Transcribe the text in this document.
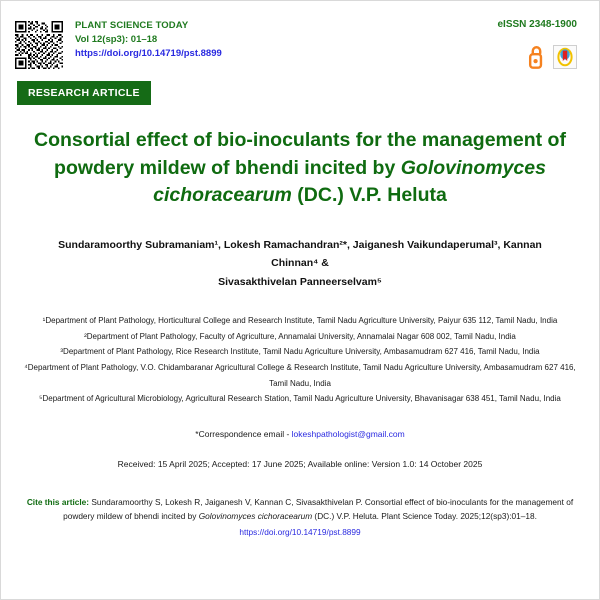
PLANT SCIENCE TODAY
Vol 12(sp3): 01–18
https://doi.org/10.14719/pst.8899
eISSN 2348-1900
RESEARCH ARTICLE
Consortial effect of bio-inoculants for the management of powdery mildew of bhendi incited by Golovinomyces cichoracearum (DC.) V.P. Heluta
Sundaramoorthy Subramaniam¹, Lokesh Ramachandran²*, Jaiganesh Vaikundaperumal³, Kannan Chinnan⁴ &
Sivasakthivelan Panneerselvam⁵

¹Department of Plant Pathology, Horticultural College and Research Institute, Tamil Nadu Agriculture University, Paiyur 635 112, Tamil Nadu, India

²Department of Plant Pathology, Faculty of Agriculture, Annamalai University, Annamalai Nagar 608 002, Tamil Nadu, India

³Department of Plant Pathology, Rice Research Institute, Tamil Nadu Agriculture University, Ambasamudram 627 416, Tamil Nadu, India

⁴Department of Plant Pathology, V.O. Chidambaranar Agricultural College & Research Institute, Tamil Nadu Agriculture University, Ambasamudram 627 416, Tamil Nadu, India

⁵Department of Agricultural Microbiology, Agricultural Research Station, Tamil Nadu Agriculture University, Bhavanisagar 638 451, Tamil Nadu, India

*Correspondence email - lokeshpathologist@gmail.com
Received: 15 April 2025; Accepted: 17 June 2025; Available online: Version 1.0: 14 October 2025
Cite this article: Sundaramoorthy S, Lokesh R, Jaiganesh V, Kannan C, Sivasakthivelan P. Consortial effect of bio-inoculants for the management of powdery mildew of bhendi incited by Golovinomyces cichoracearum (DC.) V.P. Heluta. Plant Science Today. 2025;12(sp3):01–18.
https://doi.org/10.14719/pst.8899
